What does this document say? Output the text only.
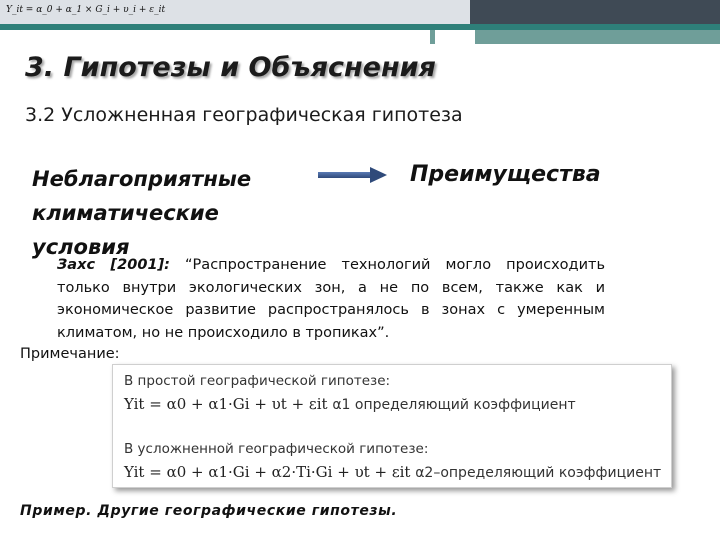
Y_it = α_0 + α_1 × G_i + υ_i + ε_it
3. Гипотезы и Объяснения
3.2 Усложненная географическая гипотеза
Неблагоприятные климатические условия
Преимущества
Захс [2001]: “Распространение технологий могло происходить только внутри экологических зон, а не по всем, также как и экономическое развитие распространялось в зонах с умеренным климатом, но не происходило в тропиках”.
Примечание:
В простой географической гипотезе:
Yit = α0 + α1·Gi + υt + εit α1 определяющий коэффициент
В усложненной географической гипотезе:
Yit = α0 + α1·Gi + α2·Ti·Gi + υt + εit α2–определяющий коэффициент
Пример. Другие географические гипотезы.
